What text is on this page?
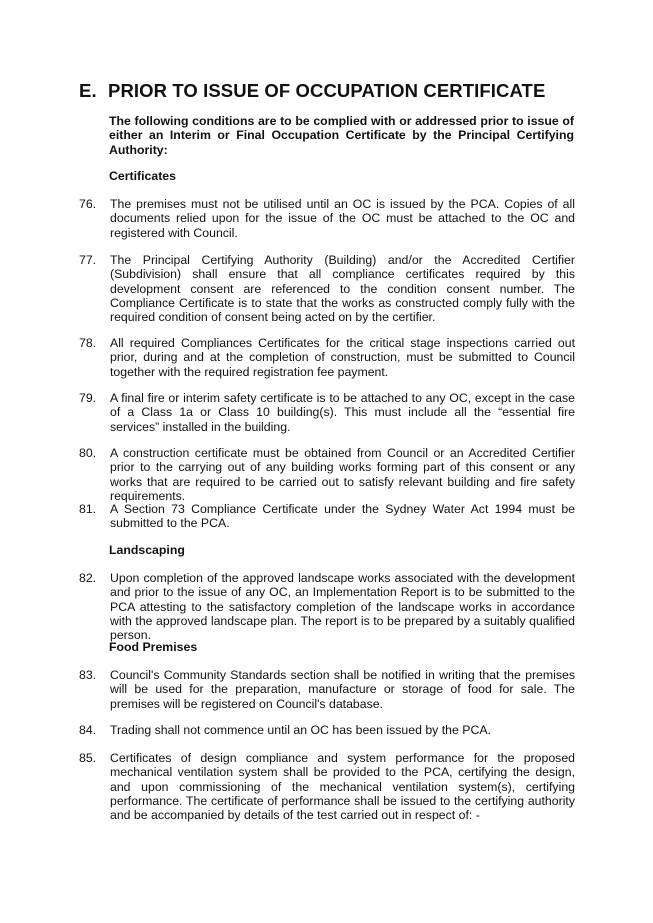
E. PRIOR TO ISSUE OF OCCUPATION CERTIFICATE
The following conditions are to be complied with or addressed prior to issue of either an Interim or Final Occupation Certificate by the Principal Certifying Authority:
Certificates
76.	The premises must not be utilised until an OC is issued by the PCA. Copies of all documents relied upon for the issue of the OC must be attached to the OC and registered with Council.
77.	The Principal Certifying Authority (Building) and/or the Accredited Certifier (Subdivision) shall ensure that all compliance certificates required by this development consent are referenced to the condition consent number. The Compliance Certificate is to state that the works as constructed comply fully with the required condition of consent being acted on by the certifier.
78.	All required Compliances Certificates for the critical stage inspections carried out prior, during and at the completion of construction, must be submitted to Council together with the required registration fee payment.
79.	A final fire or interim safety certificate is to be attached to any OC, except in the case of a Class 1a or Class 10 building(s). This must include all the “essential fire services” installed in the building.
80.	A construction certificate must be obtained from Council or an Accredited Certifier prior to the carrying out of any building works forming part of this consent or any works that are required to be carried out to satisfy relevant building and fire safety requirements.
81.	A Section 73 Compliance Certificate under the Sydney Water Act 1994 must be submitted to the PCA.
Landscaping
82.	Upon completion of the approved landscape works associated with the development and prior to the issue of any OC, an Implementation Report is to be submitted to the PCA attesting to the satisfactory completion of the landscape works in accordance with the approved landscape plan. The report is to be prepared by a suitably qualified person.
Food Premises
83.	Council's Community Standards section shall be notified in writing that the premises will be used for the preparation, manufacture or storage of food for sale. The premises will be registered on Council's database.
84.	Trading shall not commence until an OC has been issued by the PCA.
85.	Certificates of design compliance and system performance for the proposed mechanical ventilation system shall be provided to the PCA, certifying the design, and upon commissioning of the mechanical ventilation system(s), certifying performance. The certificate of performance shall be issued to the certifying authority and be accompanied by details of the test carried out in respect of: -
